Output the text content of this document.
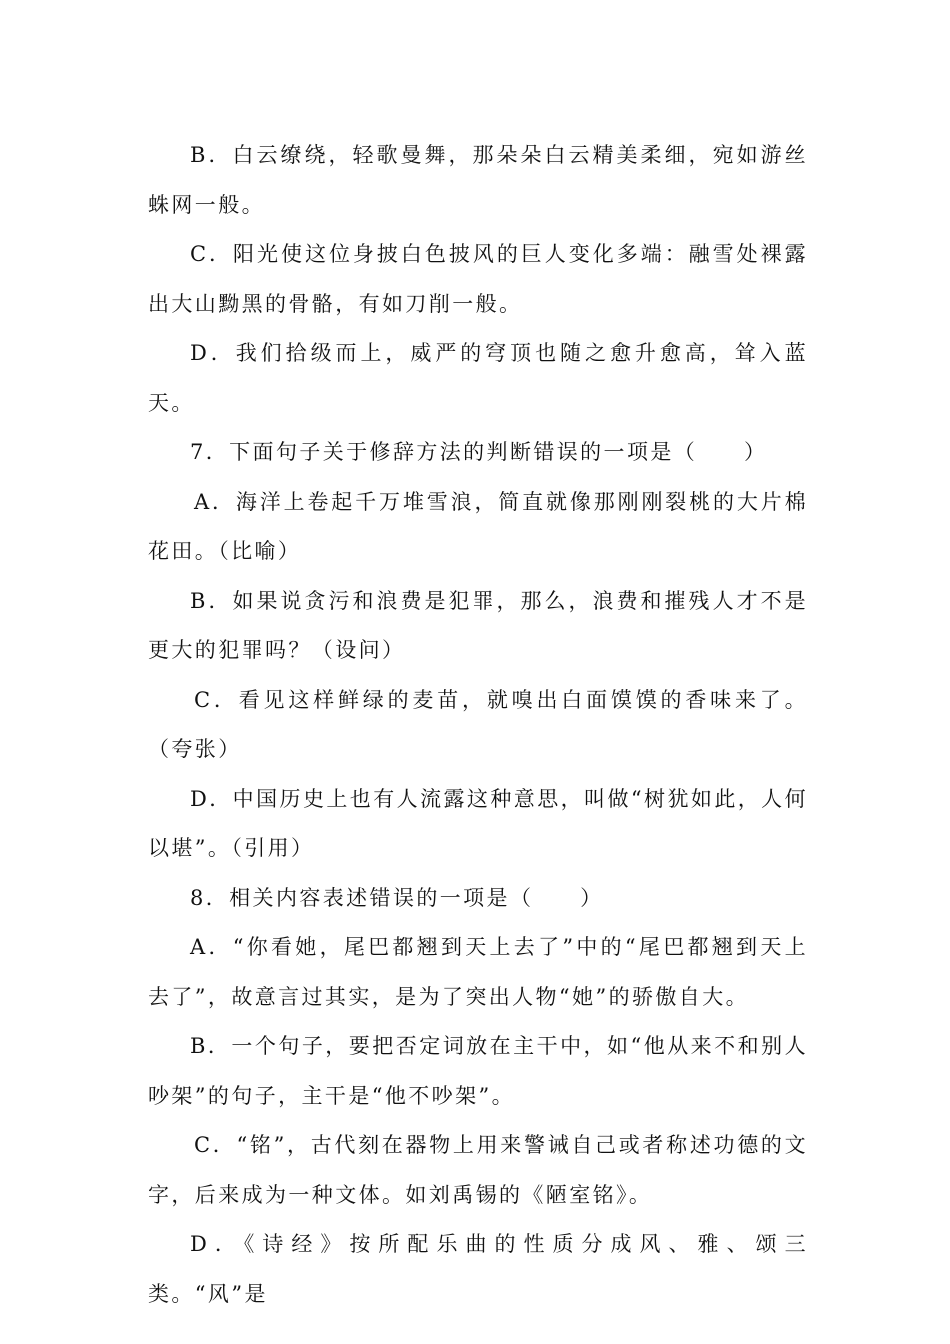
B．白云缭绕，轻歌曼舞，那朵朵白云精美柔细，宛如游丝蛛网一般。

C．阳光使这位身披白色披风的巨人变化多端：融雪处裸露出大山黝黑的骨骼，有如刀削一般。

D．我们拾级而上，威严的穹顶也随之愈升愈高，耸入蓝天。

7．下面句子关于修辞方法的判断错误的一项是（　　）

A．海洋上卷起千万堆雪浪，简直就像那刚刚裂桃的大片棉花田。（比喻）

B．如果说贪污和浪费是犯罪，那么，浪费和摧残人才不是更大的犯罪吗？（设问）

C．看见这样鲜绿的麦苗，就嗅出白面馍馍的香味来了。（夸张）

D．中国历史上也有人流露这种意思，叫做“树犹如此，人何以堪”。（引用）

8．相关内容表述错误的一项是（　　）

A．“你看她，尾巴都翘到天上去了”中的“尾巴都翘到天上去了”，故意言过其实，是为了突出人物“她”的骄傲自大。

B．一个句子，要把否定词放在主干中，如“他从来不和别人吵架”的句子，主干是“他不吵架”。

C．“铭”，古代刻在器物上用来警诫自己或者称述功德的文字，后来成为一种文体。如刘禹锡的《陋室铭》。

D．《诗经》按所配乐曲的性质分成风、雅、颂三类。“风”是
